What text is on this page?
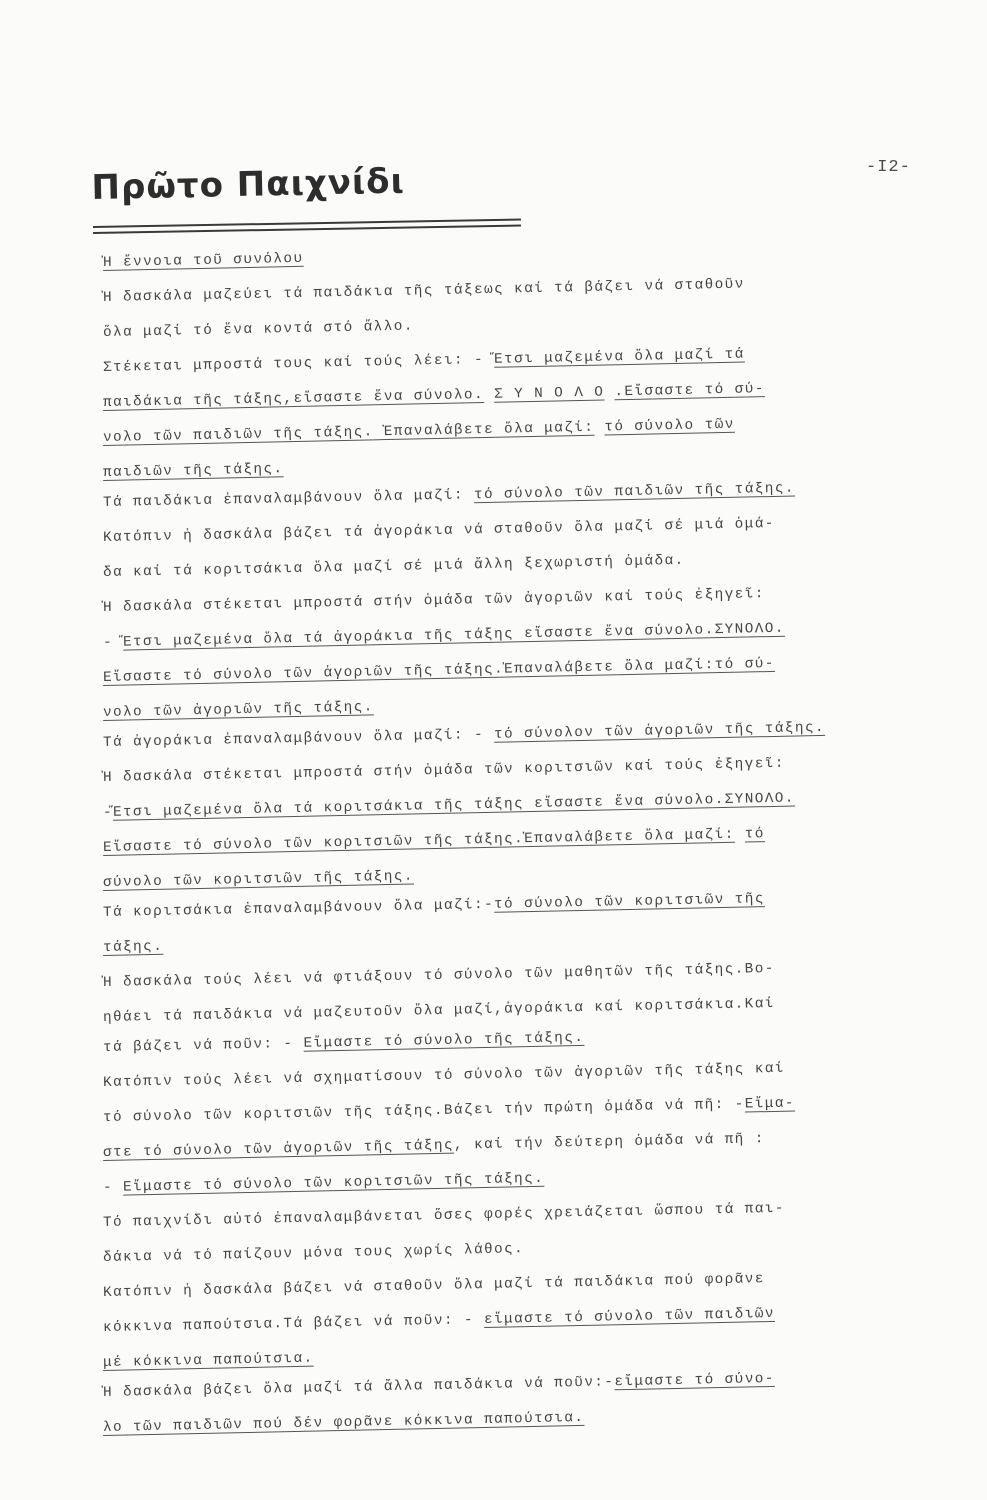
-I2-
Πρῶτο Παιχνίδι
Ἡ ἔννοια τοῦ συνόλου
Ἡ δασκάλα μαζεύει τά παιδάκια τῆς τάξεως καί τά βάζει νά σταθοῦν
ὅλα μαζί τό ἕνα κοντά στό ἄλλο.
Στέκεται μπροστά τους καί τούς λέει: - Ἔτσι μαζεμένα ὅλα μαζί τά
παιδάκια τῆς τάξης,εἴσαστε ἕνα σύνολο. Σ Υ Ν Ο Λ Ο .Εἴσαστε τό σύ-
νολο τῶν παιδιῶν τῆς τάξης. Ἐπαναλάβετε ὅλα μαζί: τό σύνολο τῶν
παιδιῶν τῆς τάξης.
Τά παιδάκια ἐπαναλαμβάνουν ὅλα μαζί: τό σύνολο τῶν παιδιῶν τῆς τάξης.
Κατόπιν ἡ δασκάλα βάζει τά ἀγοράκια νά σταθοῦν ὅλα μαζί σέ μιά ὁμά-
δα καί τά κοριτσάκια ὅλα μαζί σέ μιά ἄλλη ξεχωριστή ὁμάδα.
Ἡ δασκάλα στέκεται μπροστά στήν ὁμάδα τῶν ἀγοριῶν καί τούς ἐξηγεῖ:
- Ἔτσι μαζεμένα ὅλα τά ἀγοράκια τῆς τάξης εἴσαστε ἕνα σύνολο.ΣΥΝΟΛΟ.
Εἴσαστε τό σύνολο τῶν ἀγοριῶν τῆς τάξης.Ἐπαναλάβετε ὅλα μαζί:τό σύ-
νολο τῶν ἀγοριῶν τῆς τάξης.
Τά ἀγοράκια ἐπαναλαμβάνουν ὅλα μαζί: - τό σύνολον τῶν ἀγοριῶν τῆς τάξης.
Ἡ δασκάλα στέκεται μπροστά στήν ὁμάδα τῶν κοριτσιῶν καί τούς ἐξηγεῖ:
-Ἔτσι μαζεμένα ὅλα τά κοριτσάκια τῆς τάξης εἴσαστε ἕνα σύνολο.ΣΥΝΟΛΟ.
Εἴσαστε τό σύνολο τῶν κοριτσιῶν τῆς τάξης.Ἐπαναλάβετε ὅλα μαζί: τό
σύνολο τῶν κοριτσιῶν τῆς τάξης.
Τά κοριτσάκια ἐπαναλαμβάνουν ὅλα μαζί:-τό σύνολο τῶν κοριτσιῶν τῆς
τάξης.
Ἡ δασκάλα τούς λέει νά φτιάξουν τό σύνολο τῶν μαθητῶν τῆς τάξης.Βο-
ηθάει τά παιδάκια νά μαζευτοῦν ὅλα μαζί,ἀγοράκια καί κοριτσάκια.Καί
τά βάζει νά ποῦν: - Εἴμαστε τό σύνολο τῆς τάξης.
Κατόπιν τούς λέει νά σχηματίσουν τό σύνολο τῶν ἀγοριῶν τῆς τάξης καί
τό σύνολο τῶν κοριτσιῶν τῆς τάξης.Βάζει τήν πρώτη ὁμάδα νά πῆ: -Εἴμα-
στε τό σύνολο τῶν ἀγοριῶν τῆς τάξης, καί τήν δεύτερη ὁμάδα νά πῆ :
- Εἴμαστε τό σύνολο τῶν κοριτσιῶν τῆς τάξης.
Τό παιχνίδι αὐτό ἐπαναλαμβάνεται ὅσες φορές χρειάζεται ὥσπου τά παι-
δάκια νά τό παίζουν μόνα τους χωρίς λάθος.
Κατόπιν ἡ δασκάλα βάζει νά σταθοῦν ὅλα μαζί τά παιδάκια πού φορᾶνε
κόκκινα παπούτσια.Τά βάζει νά ποῦν: - εἴμαστε τό σύνολο τῶν παιδιῶν
μέ κόκκινα παπούτσια.
Ἡ δασκάλα βάζει ὅλα μαζί τά ἄλλα παιδάκια νά ποῦν:-εἴμαστε τό σύνο-
λο τῶν παιδιῶν πού δέν φορᾶνε κόκκινα παπούτσια.
